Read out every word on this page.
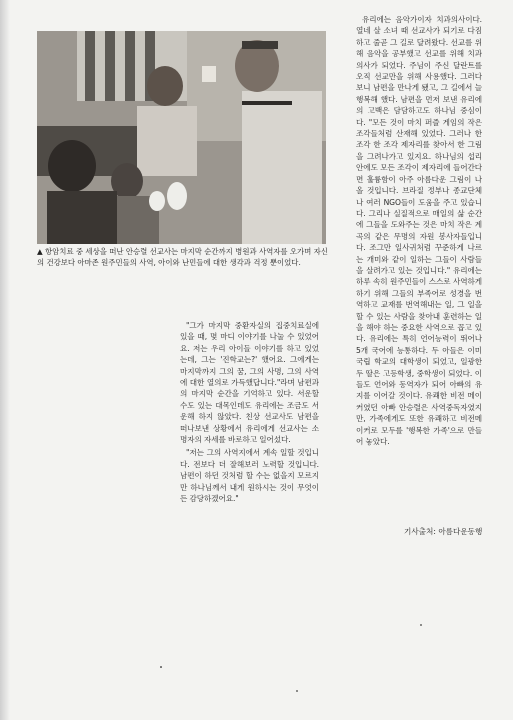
▲ 항암치료 중 세상을 떠난 안승렬 선교사는 마지막 순간까지 병원과 사역자를 오가며 자신의 건강보다 아마존 원주민들의 사역, 아이와 난민들에 대한 생각과 걱정 뿐이었다.

유리에는 음악가이자 치과의사이다. 열네 살 소녀 때 선교사가 되기로 다짐하고 줄곧 그 길로 달려왔다. 선교를 위해 음악을 공부했고 선교를 위해 치과의사가 되었다. 주님이 주신 달란트를 오직 선교만을 위해 사용했다. 그러다보니 남편을 만나게 됐고, 그 길에서 늘 행복해 했다. 남편을 먼저 보낸 유리에의 고백은 담담하고도 하나님 중심이다. "모든 것이 마치 퍼즐 게임의 작은 조각들처럼 산재해 있었다. 그러나 한 조각 한 조각 제자리를 찾아서 한 그림을 그려나가고 있지요. 하나님의 섭리 안에도 모든 조각이 제자리에 들어간다면 훌륭함이 아주 아름다운 그림이 나올 것입니다. 브라질 정부나 종교단체나 여러 NGO들이 도움을 주고 있습니다. 그리나 실질적으로 매일의 삶 순간에 그들을 도와주는 것은 마치 작은 계곡의 같은 무명의 자원 봉사자들입니다. 조그만 일사귀처럼 꾸준하게 나르는 개미와 같이 일하는 그들이 사람들을 살려가고 있는 것입니다." 유리에는 하루 속히 원주민들이 스스로 사역하게 하기 위해 그들의 부족어로 성경을 번역하고 교재를 번역해내는 일, 그 일을 할 수 있는 사람을 찾아내 훈련하는 일을 해야 하는 중요한 사역으로 꼽고 있다. 유리에는 특히 언어능력이 뛰어나 5개 국어에 능통하다. 두 아들은 이미 국립 학교의 대학생이 되었고, 일광한 두 딸은 고등학생, 중학생이 되었다. 이들도 언어와 동역자가 되어 아빠의 유지를 이어갈 것이다. 유쾌한 비전 메이커였던 아빠 안승렬은 사역중독자였지만, 가족에게도 또한 유쾌하고 비전메이커로 모두를 '행복한 가족'으로 만들어 놓았다.

"그가 마지막 중환자실의 집중치료실에 있을 때, 몇 마디 이야기를 나눌 수 있었어요. 저는 우리 아이들 이야기를 하고 있었는데, 그는 '진학교는?' 했어요. 그에게는 마지막까지 그의 꿈, 그의 사명, 그의 사역에 대한 열의로 가득했답니다."라며 남편과의 마지막 순간을 기억하고 있다. 서운할 수도 있는 대목인데도 유리에는 조금도 서운해 하지 않았다. 친상 선교사도 남편을 떠나보낸 상황에서 유리에게 선교사는 소명자의 자세를 바로하고 일어섰다.

"저는 그의 사역지에서 계속 일할 것입니다. 전보다 더 잘해보러 노력할 것입니다. 남편이 하던 것처럼 할 수는 없을지 모르지만 하나님께서 내게 원하시는 것이 무엇이든 감당하겠어요."

기사출처: 아름다운동행
